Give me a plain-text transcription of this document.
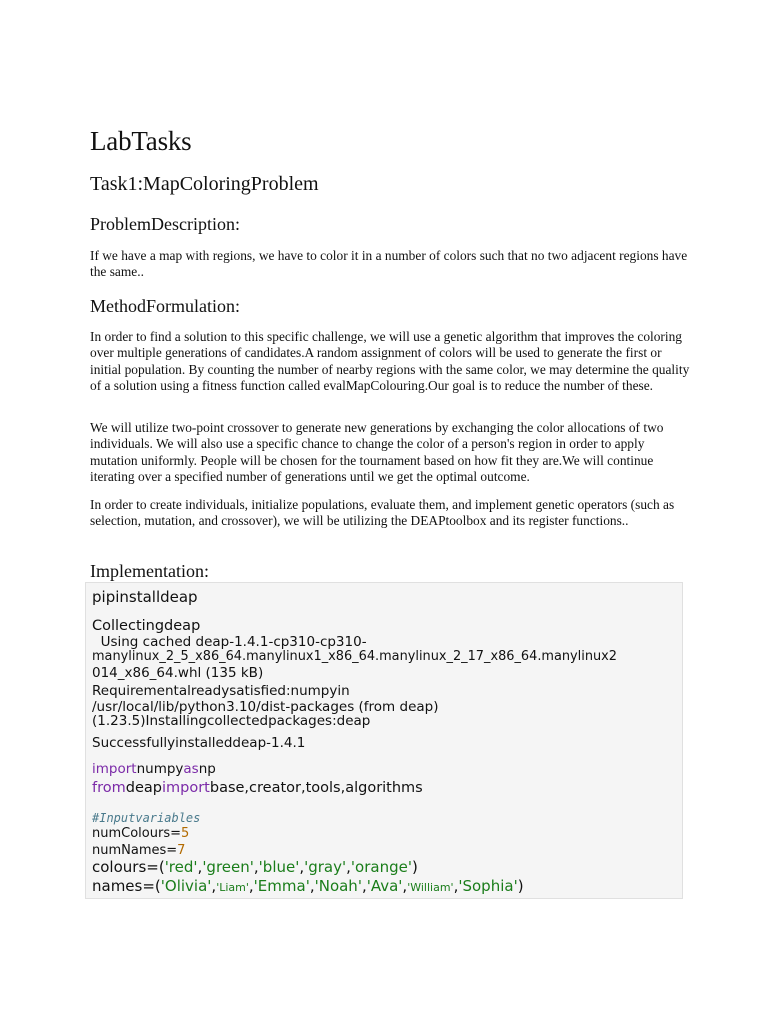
LabTasks
Task1:MapColoringProblem
ProblemDescription:

If we have a map with regions, we have to color it in a number of colors such that no two adjacent regions have the same..

MethodFormulation:

In order to find a solution to this specific challenge, we will use a genetic algorithm that improves the coloring over multiple generations of candidates.A random assignment of colors will be used to generate the first or initial population. By counting the number of nearby regions with the same color, we may determine the quality of a solution using a fitness function called evalMapColouring.Our goal is to reduce the number of these.

We will utilize two-point crossover to generate new generations by exchanging the color allocations of two individuals. We will also use a specific chance to change the color of a person's region in order to apply mutation uniformly. People will be chosen for the tournament based on how fit they are.We will continue iterating over a specified number of generations until we get the optimal outcome.

In order to create individuals, initialize populations, evaluate them, and implement genetic operators (such as selection, mutation, and crossover), we will be utilizing the DEAPtoolbox and its register functions..

Implementation:
pipinstalldeap
Collectingdeap
Using cached deap-1.4.1-cp310-cp310-
manylinux_2_5_x86_64.manylinux1_x86_64.manylinux_2_17_x86_64.manylinux2
014_x86_64.whl (135 kB)
Requirementalreadysatisfied:numpyin
/usr/local/lib/python3.10/dist-packages (from deap)
(1.23.5)Installingcollectedpackages:deap
Successfullyinstalleddeap-1.4.1
importnumpyasnp
fromdeapimportbase,creator,tools,algorithms
#Inputvariables
numColours=5
numNames=7
colours=('red','green','blue','gray','orange')
names=('Olivia','Liam','Emma','Noah','Ava','William','Sophia')
